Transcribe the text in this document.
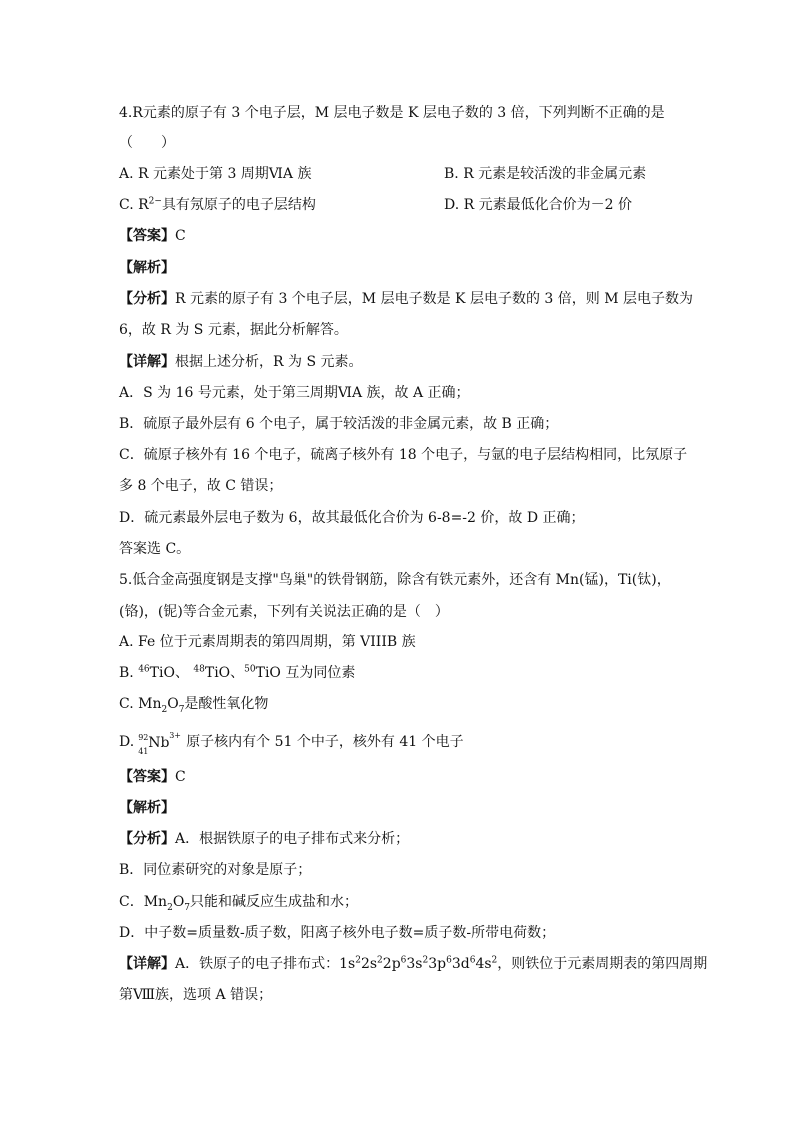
4.R元素的原子有 3 个电子层，M 层电子数是 K 层电子数的 3 倍，下列判断不正确的是
（　　）
A. R 元素处于第 3 周期ⅥA 族	B. R 元素是较活泼的非金属元素
C. $R^{2-}$具有氖原子的电子层结构	D. R 元素最低化合价为－2 价
【答案】C
【解析】
【分析】R 元素的原子有 3 个电子层，M 层电子数是 K 层电子数的 3 倍，则 M 层电子数为
6，故 R 为 S 元素，据此分析解答。
【详解】根据上述分析，R 为 S 元素。
A．S 为 16 号元素，处于第三周期ⅥA 族，故 A 正确；
B．硫原子最外层有 6 个电子，属于较活泼的非金属元素，故 B 正确；
C．硫原子核外有 16 个电子，硫离子核外有 18 个电子，与氩的电子层结构相同，比氖原子
多 8 个电子，故 C 错误；
D．硫元素最外层电子数为 6，故其最低化合价为 6-8=-2 价，故 D 正确；
答案选 C。
5.低合金高强度钢是支撑"鸟巢"的铁骨钢筋，除含有铁元素外，还含有 Mn(锰)，Ti(钛)，
(铬)，(铌)等合金元素，下列有关说法正确的是（　）
A. Fe 位于元素周期表的第四周期，第 VIIIB 族
B. $^{46}$TiO、 $^{48}$TiO、$^{50}$TiO 互为同位素
C. $Mn_2O_7$是酸性氧化物
D. 92
41
Nb 3+ 原子核内有个 51 个中子，核外有 41 个电子
【答案】C
【解析】
【分析】A．根据铁原子的电子排布式来分析；
B．同位素研究的对象是原子；
C．$Mn_2O_7$只能和碱反应生成盐和水；
D．中子数=质量数-质子数，阳离子核外电子数=质子数-所带电荷数；
【详解】A．铁原子的电子排布式：$1s^22s^22p^63s^23p^63d^64s^2$，则铁位于元素周期表的第四周期
第Ⅷ族，选项 A 错误；
